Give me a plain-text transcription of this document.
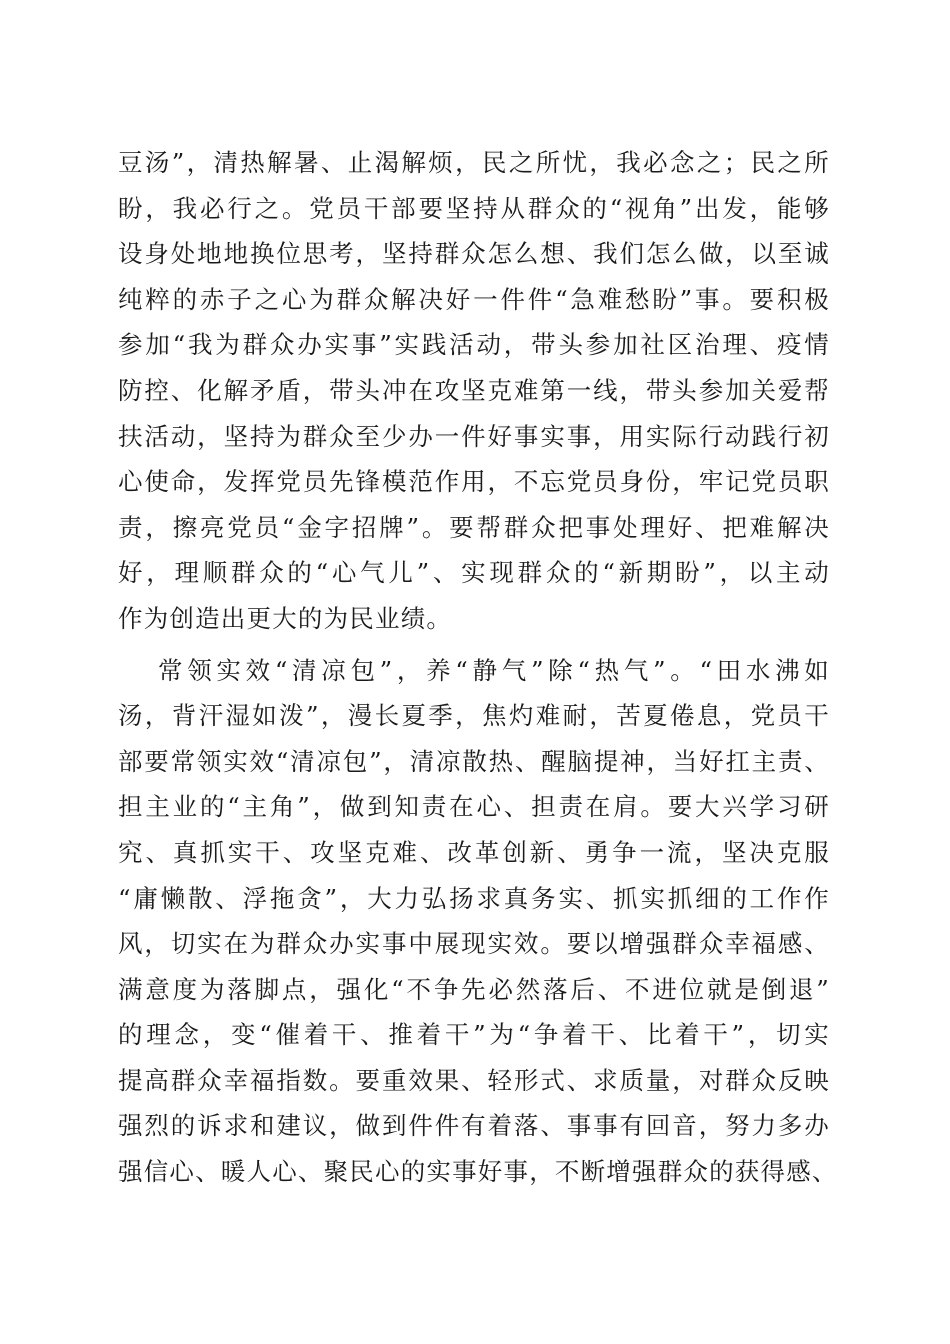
豆汤”，清热解暑、止渴解烦，民之所忧，我必念之；民之所
盼，我必行之。党员干部要坚持从群众的“视角”出发，能够
设身处地地换位思考，坚持群众怎么想、我们怎么做，以至诚
纯粹的赤子之心为群众解决好一件件“急难愁盼”事。要积极
参加“我为群众办实事”实践活动，带头参加社区治理、疫情
防控、化解矛盾，带头冲在攻坚克难第一线，带头参加关爱帮
扶活动，坚持为群众至少办一件好事实事，用实际行动践行初
心使命，发挥党员先锋模范作用，不忘党员身份，牢记党员职
责，擦亮党员“金字招牌”。要帮群众把事处理好、把难解决
好，理顺群众的“心气儿”、实现群众的“新期盼”，以主动
作为创造出更大的为民业绩。
常领实效“清凉包”，养“静气”除“热气”。“田水沸如
汤，背汗湿如泼”，漫长夏季，焦灼难耐，苦夏倦息，党员干
部要常领实效“清凉包”，清凉散热、醒脑提神，当好扛主责、
担主业的“主角”，做到知责在心、担责在肩。要大兴学习研
究、真抓实干、攻坚克难、改革创新、勇争一流，坚决克服
“庸懒散、浮拖贪”，大力弘扬求真务实、抓实抓细的工作作
风，切实在为群众办实事中展现实效。要以增强群众幸福感、
满意度为落脚点，强化“不争先必然落后、不进位就是倒退”
的理念，变“催着干、推着干”为“争着干、比着干”，切实
提高群众幸福指数。要重效果、轻形式、求质量，对群众反映
强烈的诉求和建议，做到件件有着落、事事有回音，努力多办
强信心、暖人心、聚民心的实事好事，不断增强群众的获得感、
